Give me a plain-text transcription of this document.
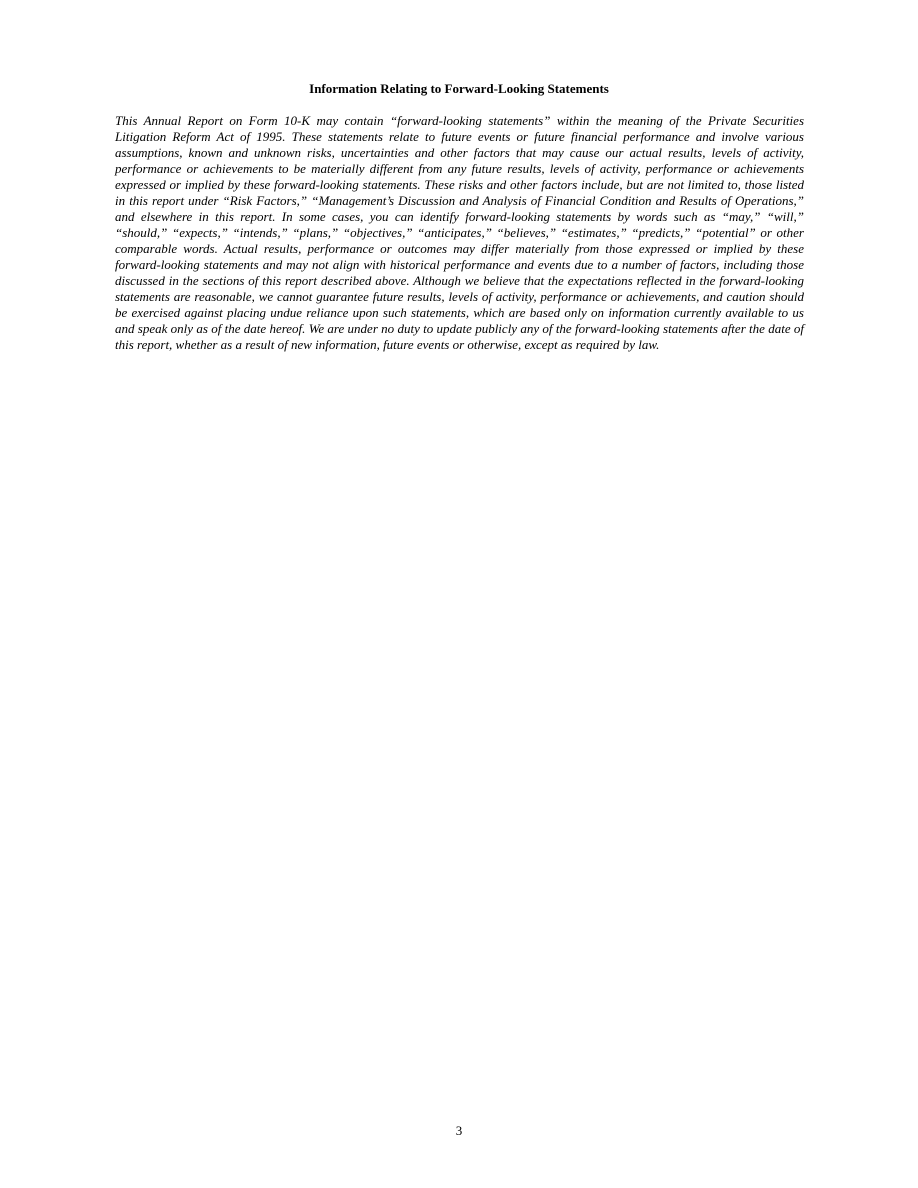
Information Relating to Forward-Looking Statements

This Annual Report on Form 10-K may contain “forward-looking statements” within the meaning of the Private Securities Litigation Reform Act of 1995. These statements relate to future events or future financial performance and involve various assumptions, known and unknown risks, uncertainties and other factors that may cause our actual results, levels of activity, performance or achievements to be materially different from any future results, levels of activity, performance or achievements expressed or implied by these forward-looking statements. These risks and other factors include, but are not limited to, those listed in this report under “Risk Factors,” “Management’s Discussion and Analysis of Financial Condition and Results of Operations,” and elsewhere in this report. In some cases, you can identify forward-looking statements by words such as “may,” “will,” “should,” “expects,” “intends,” “plans,” “objectives,” “anticipates,” “believes,” “estimates,” “predicts,” “potential” or other comparable words. Actual results, performance or outcomes may differ materially from those expressed or implied by these forward-looking statements and may not align with historical performance and events due to a number of factors, including those discussed in the sections of this report described above. Although we believe that the expectations reflected in the forward-looking statements are reasonable, we cannot guarantee future results, levels of activity, performance or achievements, and caution should be exercised against placing undue reliance upon such statements, which are based only on information currently available to us and speak only as of the date hereof. We are under no duty to update publicly any of the forward-looking statements after the date of this report, whether as a result of new information, future events or otherwise, except as required by law.

3
